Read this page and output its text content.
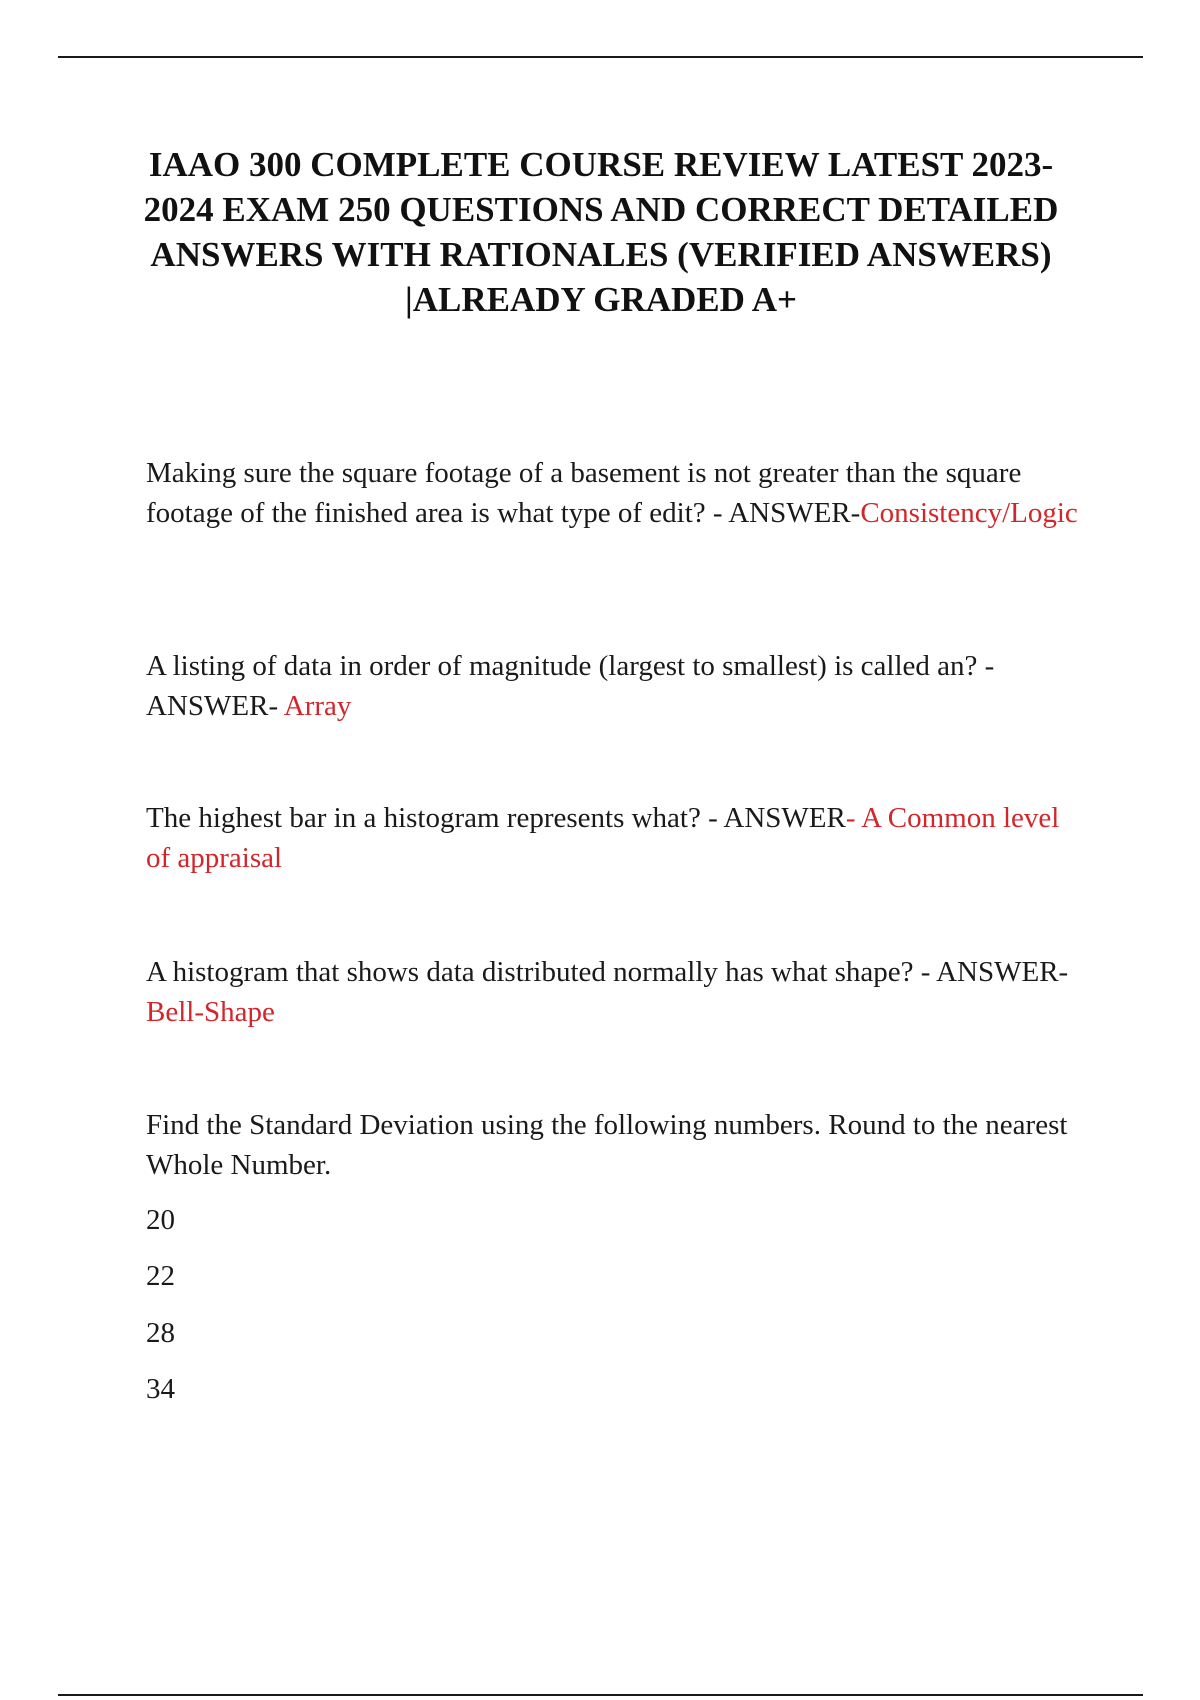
IAAO 300 COMPLETE COURSE REVIEW LATEST 2023-2024 EXAM 250 QUESTIONS AND CORRECT DETAILED ANSWERS WITH RATIONALES (VERIFIED ANSWERS) |ALREADY GRADED A+

Making sure the square footage of a basement is not greater than the square footage of the finished area is what type of edit? - ANSWER-Consistency/Logic

A listing of data in order of magnitude (largest to smallest) is called an? - ANSWER- Array

The highest bar in a histogram represents what? - ANSWER- A Common level of appraisal

A histogram that shows data distributed normally has what shape? - ANSWER- Bell-Shape

Find the Standard Deviation using the following numbers. Round to the nearest Whole Number.

20

22

28

34
